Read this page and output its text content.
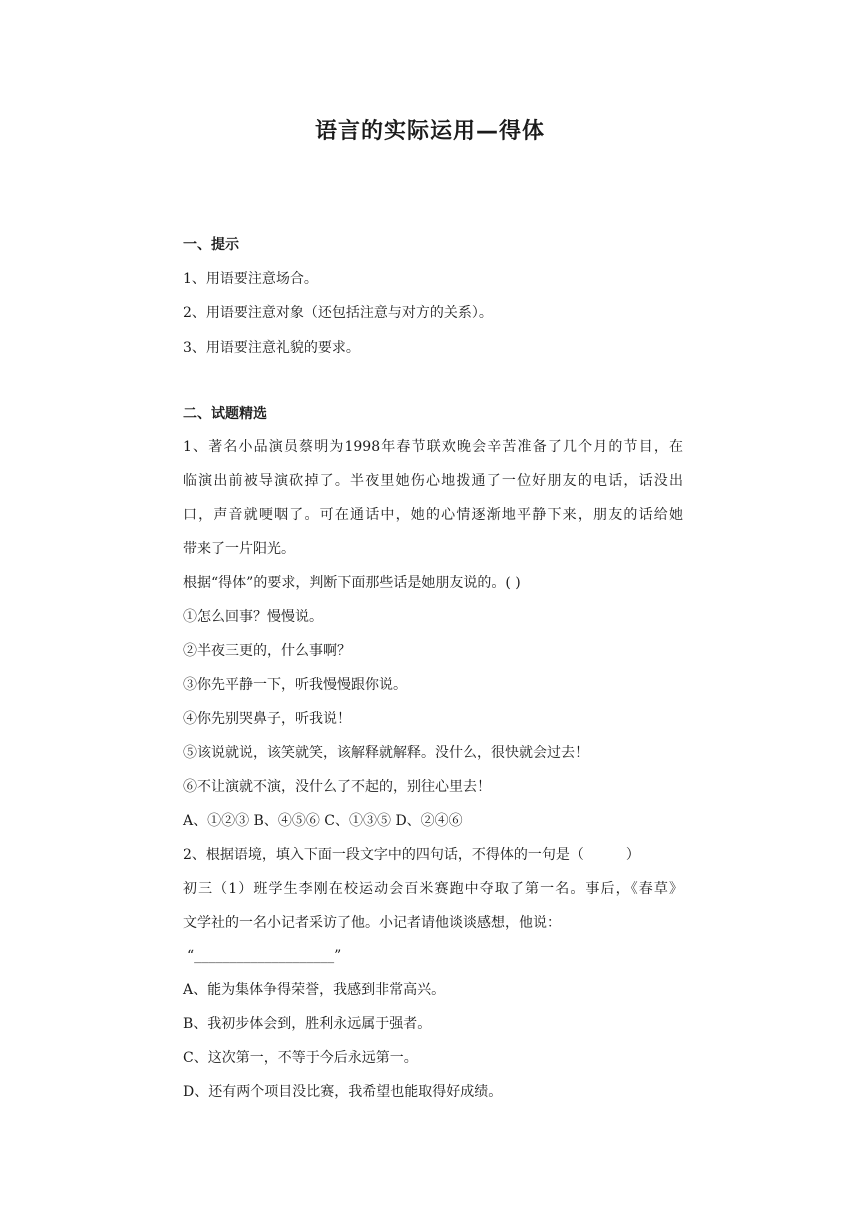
语言的实际运用—得体
一、提示
1、用语要注意场合。
2、用语要注意对象（还包括注意与对方的关系）。
3、用语要注意礼貌的要求。
二、试题精选
1、著名小品演员蔡明为1998年春节联欢晚会辛苦准备了几个月的节目，在
临演出前被导演砍掉了。半夜里她伤心地拨通了一位好朋友的电话，话没出
口，声音就哽咽了。可在通话中，她的心情逐渐地平静下来，朋友的话给她
带来了一片阳光。
根据“得体”的要求，判断下面那些话是她朋友说的。( )
①怎么回事？慢慢说。
②半夜三更的，什么事啊？
③你先平静一下，听我慢慢跟你说。
④你先别哭鼻子，听我说！
⑤该说就说，该笑就笑，该解释就解释。没什么，很快就会过去！
⑥不让演就不演，没什么了不起的，别往心里去！
A、①②③ B、④⑤⑥ C、①③⑤ D、②④⑥
2、根据语境，填入下面一段文字中的四句话，不得体的一句是（　　　）
初三（1）班学生李刚在校运动会百米赛跑中夺取了第一名。事后，《春草》
文学社的一名小记者采访了他。小记者请他谈谈感想，他说：
“____________________”
A、能为集体争得荣誉，我感到非常高兴。
B、我初步体会到，胜利永远属于强者。
C、这次第一，不等于今后永远第一。
D、还有两个项目没比赛，我希望也能取得好成绩。
